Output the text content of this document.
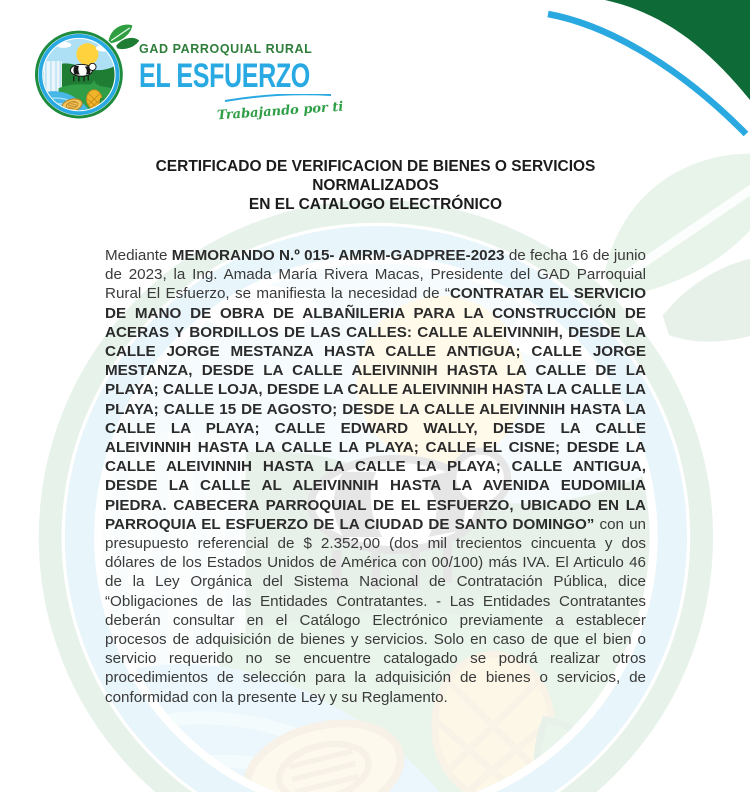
GAD PARROQUIAL RURAL
EL ESFUERZO
Trabajando por ti
CERTIFICADO DE VERIFICACION DE BIENES O SERVICIOS
NORMALIZADOS
EN EL CATALOGO ELECTRÓNICO
Mediante MEMORANDO N.º 015- AMRM-GADPREE-2023 de fecha 16 de junio de 2023, la Ing. Amada María Rivera Macas, Presidente del GAD Parroquial Rural El Esfuerzo, se manifiesta la necesidad de “CONTRATAR EL SERVICIO DE MANO DE OBRA DE ALBAÑILERIA PARA LA CONSTRUCCIÓN DE ACERAS Y BORDILLOS DE LAS CALLES: CALLE ALEIVINNIH, DESDE LA CALLE JORGE MESTANZA HASTA CALLE ANTIGUA; CALLE JORGE MESTANZA, DESDE LA CALLE ALEIVINNIH HASTA LA CALLE DE LA PLAYA; CALLE LOJA, DESDE LA CALLE ALEIVINNIH HASTA LA CALLE LA PLAYA; CALLE 15 DE AGOSTO; DESDE LA CALLE ALEIVINNIH HASTA LA CALLE LA PLAYA; CALLE EDWARD WALLY, DESDE LA CALLE ALEIVINNIH HASTA LA CALLE LA PLAYA; CALLE EL CISNE; DESDE LA CALLE ALEIVINNIH HASTA LA CALLE LA PLAYA; CALLE ANTIGUA, DESDE LA CALLE AL ALEIVINNIH HASTA LA AVENIDA EUDOMILIA PIEDRA. CABECERA PARROQUIAL DE EL ESFUERZO, UBICADO EN LA PARROQUIA EL ESFUERZO DE LA CIUDAD DE SANTO DOMINGO” con un presupuesto referencial de $ 2.352,00 (dos mil trecientos cincuenta y dos dólares de los Estados Unidos de América con 00/100) más IVA. El Articulo 46 de la Ley Orgánica del Sistema Nacional de Contratación Pública, dice “Obligaciones de las Entidades Contratantes. - Las Entidades Contratantes deberán consultar en el Catálogo Electrónico previamente a establecer procesos de adquisición de bienes y servicios. Solo en caso de que el bien o servicio requerido no se encuentre catalogado se podrá realizar otros procedimientos de selección para la adquisición de bienes o servicios, de conformidad con la presente Ley y su Reglamento.
